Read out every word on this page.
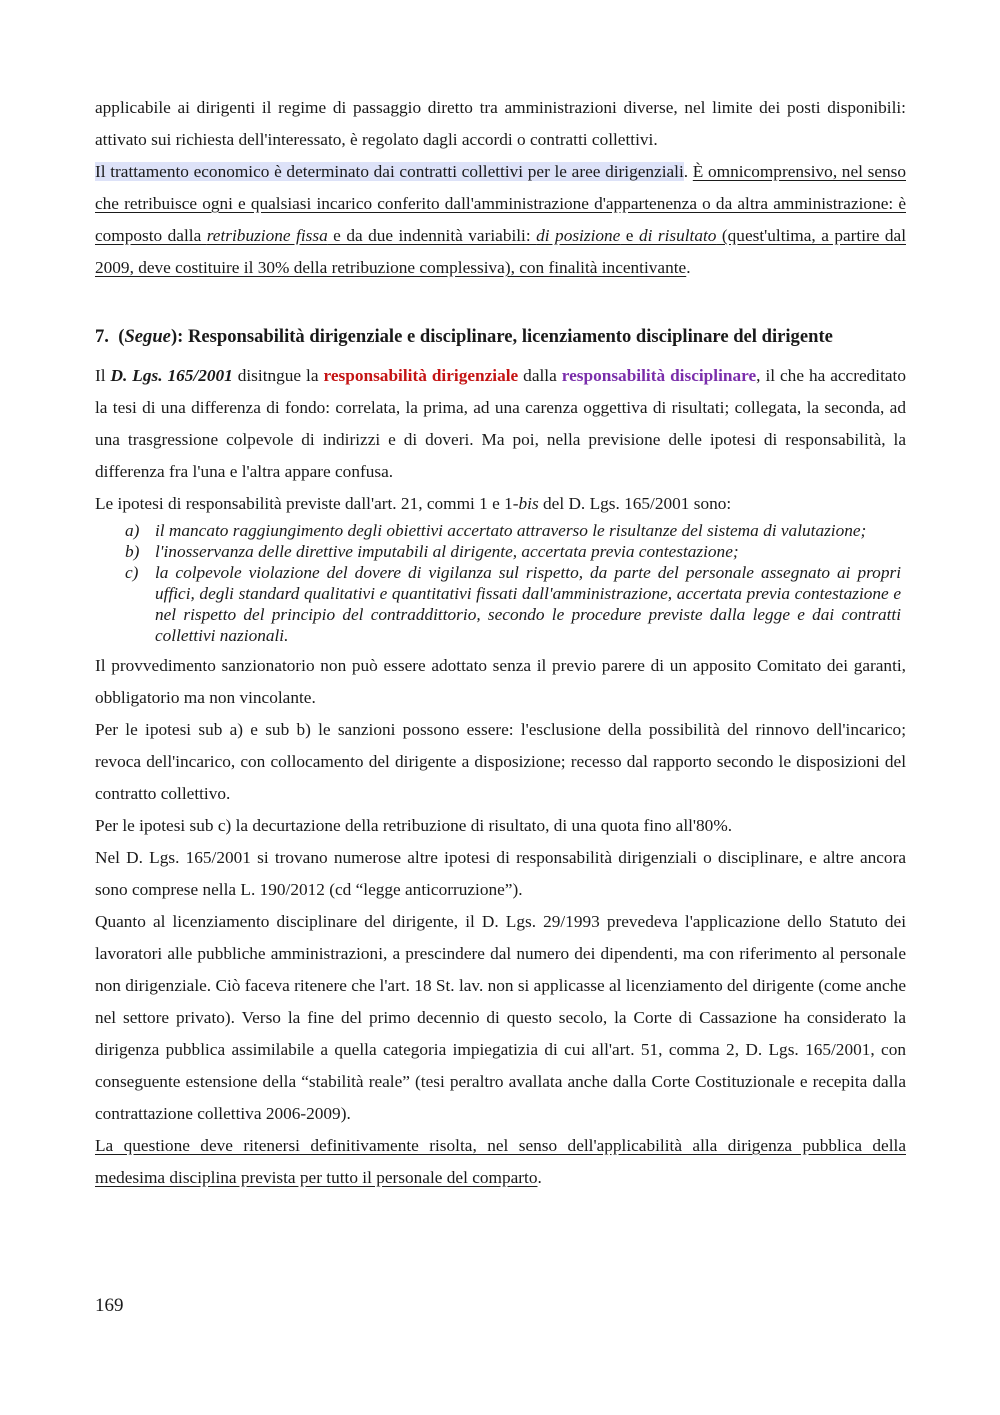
applicabile ai dirigenti il regime di passaggio diretto tra amministrazioni diverse, nel limite dei posti disponibili: attivato sui richiesta dell'interessato, è regolato dagli accordi o contratti collettivi.

Il trattamento economico è determinato dai contratti collettivi per le aree dirigenziali. È omnicomprensivo, nel senso che retribuisce ogni e qualsiasi incarico conferito dall'amministrazione d'appartenenza o da altra amministrazione: è composto dalla retribuzione fissa e da due indennità variabili: di posizione e di risultato (quest'ultima, a partire dal 2009, deve costituire il 30% della retribuzione complessiva), con finalità incentivante.

7. (Segue): Responsabilità dirigenziale e disciplinare, licenziamento disciplinare del dirigente

Il D. Lgs. 165/2001 disitngue la responsabilità dirigenziale dalla responsabilità disciplinare, il che ha accreditato la tesi di una differenza di fondo: correlata, la prima, ad una carenza oggettiva di risultati; collegata, la seconda, ad una trasgressione colpevole di indirizzi e di doveri. Ma poi, nella previsione delle ipotesi di responsabilità, la differenza fra l'una e l'altra appare confusa.

Le ipotesi di responsabilità previste dall'art. 21, commi 1 e 1-bis del D. Lgs. 165/2001 sono:

a) il mancato raggiungimento degli obiettivi accertato attraverso le risultanze del sistema di valutazione;
b) l'inosservanza delle direttive imputabili al dirigente, accertata previa contestazione;
c) la colpevole violazione del dovere di vigilanza sul rispetto, da parte del personale assegnato ai propri uffici, degli standard qualitativi e quantitativi fissati dall'amministrazione, accertata previa contestazione e nel rispetto del principio del contraddittorio, secondo le procedure previste dalla legge e dai contratti collettivi nazionali.

Il provvedimento sanzionatorio non può essere adottato senza il previo parere di un apposito Comitato dei garanti, obbligatorio ma non vincolante.

Per le ipotesi sub a) e sub b) le sanzioni possono essere: l'esclusione della possibilità del rinnovo dell'incarico; revoca dell'incarico, con collocamento del dirigente a disposizione; recesso dal rapporto secondo le disposizioni del contratto collettivo.

Per le ipotesi sub c) la decurtazione della retribuzione di risultato, di una quota fino all'80%.

Nel D. Lgs. 165/2001 si trovano numerose altre ipotesi di responsabilità dirigenziali o disciplinare, e altre ancora sono comprese nella L. 190/2012 (cd “legge anticorruzione”).

Quanto al licenziamento disciplinare del dirigente, il D. Lgs. 29/1993 prevedeva l'applicazione dello Statuto dei lavoratori alle pubbliche amministrazioni, a prescindere dal numero dei dipendenti, ma con riferimento al personale non dirigenziale. Ciò faceva ritenere che l'art. 18 St. lav. non si applicasse al licenziamento del dirigente (come anche nel settore privato). Verso la fine del primo decennio di questo secolo, la Corte di Cassazione ha considerato la dirigenza pubblica assimilabile a quella categoria impiegatizia di cui all'art. 51, comma 2, D. Lgs. 165/2001, con conseguente estensione della “stabilità reale” (tesi peraltro avallata anche dalla Corte Costituzionale e recepita dalla contrattazione collettiva 2006-2009).

La questione deve ritenersi definitivamente risolta, nel senso dell'applicabilità alla dirigenza pubblica della medesima disciplina prevista per tutto il personale del comparto.

169
